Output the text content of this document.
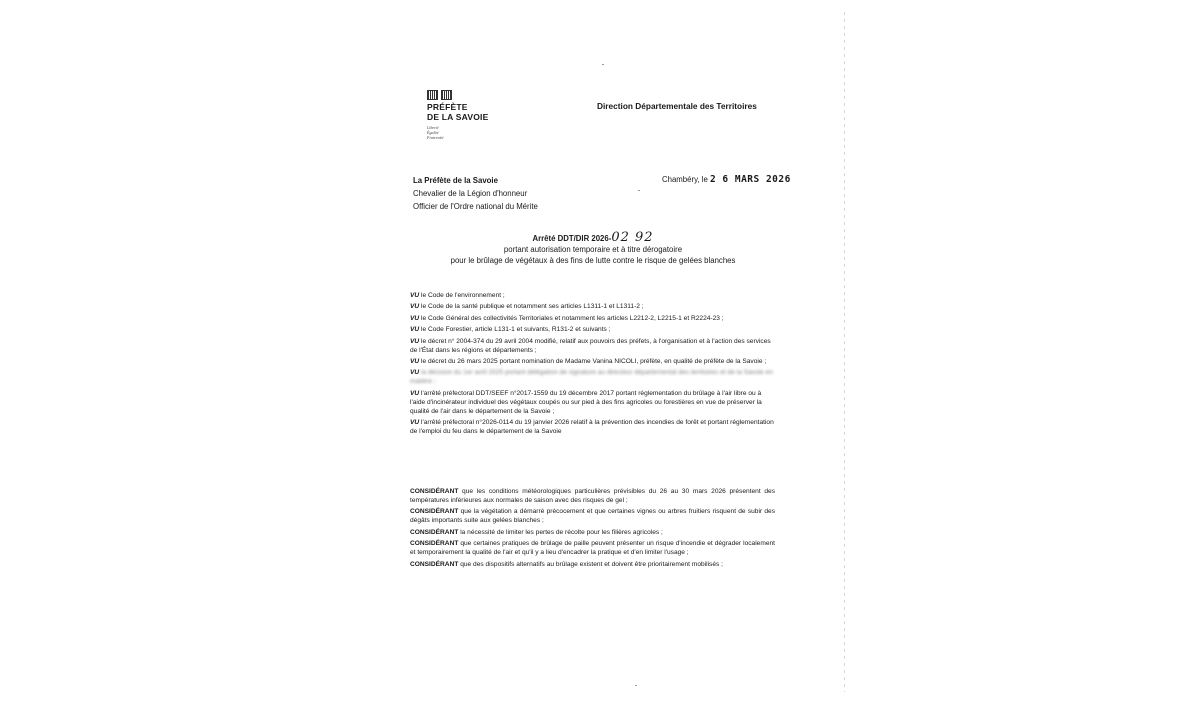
PRÉFÈTE
DE LA SAVOIE
Liberté
Égalité
Fraternité
Direction Départementale des Territoires
La Préfète de la Savoie
Chevalier de la Légion d'honneur
Officier de l'Ordre national du Mérite
Chambéry, le 2 6 MARS 2026
Arrêté DDT/DIR 2026-02 92
portant autorisation temporaire et à titre dérogatoire
pour le brûlage de végétaux à des fins de lutte contre le risque de gelées blanches

VU le Code de l'environnement ;

VU le Code de la santé publique et notamment ses articles L1311-1 et L1311-2 ;

VU le Code Général des collectivités Territoriales et notamment les articles L2212-2, L2215-1 et R2224-23 ;

VU le Code Forestier, article L131-1 et suivants, R131-2 et suivants ;

VU le décret n° 2004-374 du 29 avril 2004 modifié, relatif aux pouvoirs des préfets, à l'organisation et à l'action des services de l'État dans les régions et départements ;

VU le décret du 26 mars 2025 portant nomination de Madame Vanina NICOLI, préfète, en qualité de préfète de la Savoie ;

VU la décision du 1er avril 2025 portant délégation de signature au directeur départemental des territoires et de la Savoie en matière ;

VU l'arrêté préfectoral DDT/SEEF n°2017-1559 du 19 décembre 2017 portant réglementation du brûlage à l'air libre ou à l'aide d'incinérateur individuel des végétaux coupés ou sur pied à des fins agricoles ou forestières en vue de préserver la qualité de l'air dans le département de la Savoie ;

VU l'arrêté préfectoral n°2026-0114 du 19 janvier 2026 relatif à la prévention des incendies de forêt et portant réglementation de l'emploi du feu dans le département de la Savoie

CONSIDÉRANT que les conditions météorologiques particulières prévisibles du 26 au 30 mars 2026 présentent des températures inférieures aux normales de saison avec des risques de gel ;

CONSIDÉRANT que la végétation a démarré précocement et que certaines vignes ou arbres fruitiers risquent de subir des dégâts importants suite aux gelées blanches ;

CONSIDÉRANT la nécessité de limiter les pertes de récolte pour les filières agricoles ;

CONSIDÉRANT que certaines pratiques de brûlage de paille peuvent présenter un risque d'incendie et dégrader localement et temporairement la qualité de l'air et qu'il y a lieu d'encadrer la pratique et d'en limiter l'usage ;

CONSIDÉRANT que des dispositifs alternatifs au brûlage existent et doivent être prioritairement mobilisés ;
